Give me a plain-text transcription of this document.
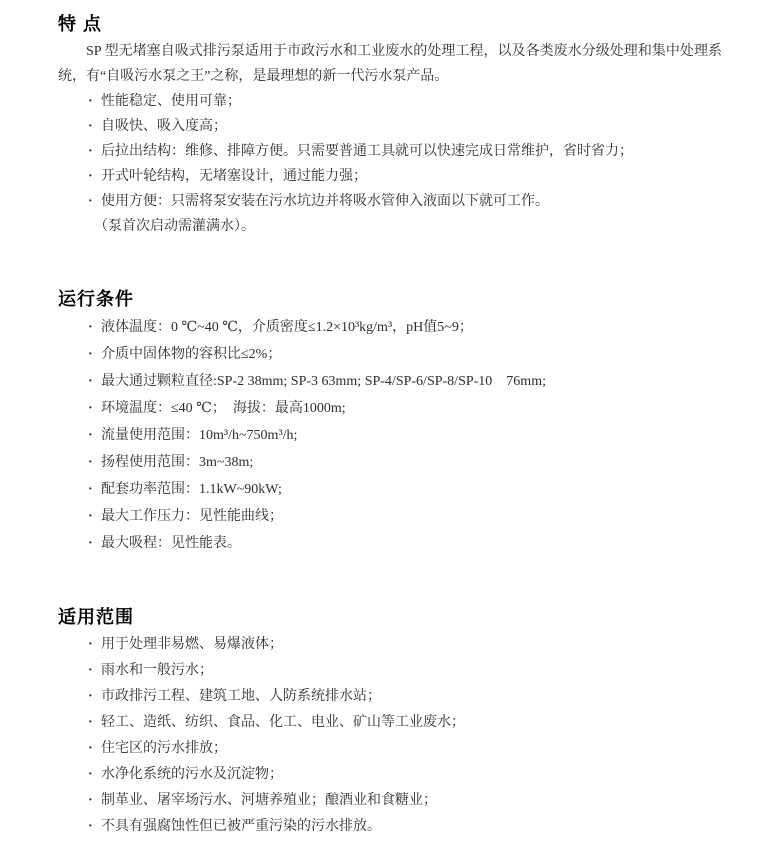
特 点

SP 型无堵塞自吸式排污泵适用于市政污水和工业废水的处理工程，以及各类废水分级处理和集中处理系统，有“自吸污水泵之王”之称，是最理想的新一代污水泵产品。

· 性能稳定、使用可靠；
· 自吸快、吸入度高；
· 后拉出结构：维修、排障方便。只需要普通工具就可以快速完成日常维护，省时省力；
· 开式叶轮结构，无堵塞设计，通过能力强；
· 使用方便：只需将泵安装在污水坑边并将吸水管伸入液面以下就可工作。

（泵首次启动需灌满水）。

运行条件
· 液体温度：0 ℃~40 ℃，介质密度≤1.2×10³kg/m³，pH值5~9；
· 介质中固体物的容积比≤2%；
· 最大通过颗粒直径:SP-2 38mm; SP-3 63mm; SP-4/SP-6/SP-8/SP-10　76mm;
· 环境温度：≤40 ℃；　海拔：最高1000m;
· 流量使用范围：10m³/h~750m³/h;
· 扬程使用范围：3m~38m;
· 配套功率范围：1.1kW~90kW;
· 最大工作压力：见性能曲线；
· 最大吸程：见性能表。
适用范围
· 用于处理非易燃、易爆液体；
· 雨水和一般污水；
· 市政排污工程、建筑工地、人防系统排水站；
· 轻工、造纸、纺织、食品、化工、电业、矿山等工业废水；
· 住宅区的污水排放；
· 水净化系统的污水及沉淀物；
· 制革业、屠宰场污水、河塘养殖业；酿酒业和食糖业；
· 不具有强腐蚀性但已被严重污染的污水排放。
